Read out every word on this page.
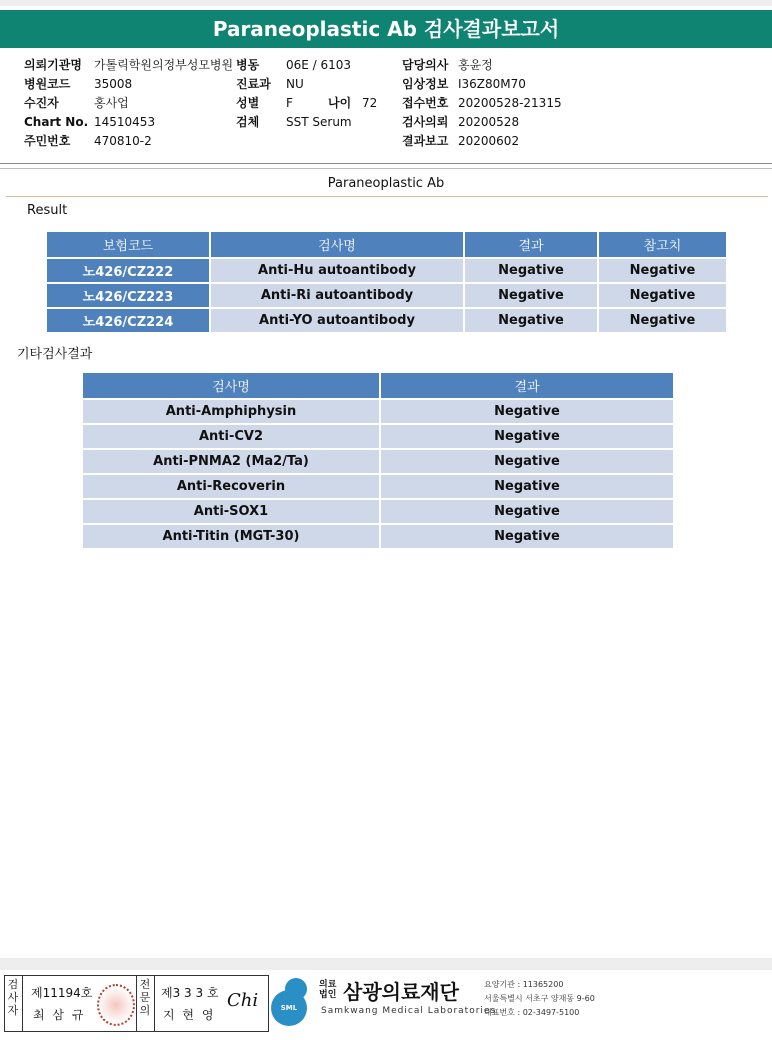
Paraneoplastic Ab 검사결과보고서
의뢰기관명 가톨릭학원의정부성모병원
병원코드 35008
수진자	홍사업
Chart No. 14510453
주민번호 470810-2
병동 06E / 6103
진료과 NU
성별 F	나이 72
검체 SST Serum
담당의사 홍윤정
임상정보 I36Z80M70
접수번호 20200528-21315
검사의뢰 20200528
결과보고 20200602
Paraneoplastic Ab
Result
보험코드	검사명	결과	참고치
노426/CZ222	Anti-Hu autoantibody	Negative	Negative
노426/CZ223	Anti-Ri autoantibody	Negative	Negative
노426/CZ224	Anti-YO autoantibody	Negative	Negative
기타검사결과
검사명	결과
Anti-Amphiphysin	Negative
Anti-CV2	Negative
Anti-PNMA2 (Ma2/Ta)	Negative
Anti-Recoverin	Negative
Anti-SOX1	Negative
Anti-Titin (MGT-30)	Negative
검사자
제11194호
최 삼 규
전문의
제3 3 3 호
지 현 영
Chi	SML
의료
법인 삼광의료재단
Samkwang Medical Laboratories
요양기관 : 11365200
서울특별시 서초구 양재동 9-60
대표번호 : 02-3497-5100
